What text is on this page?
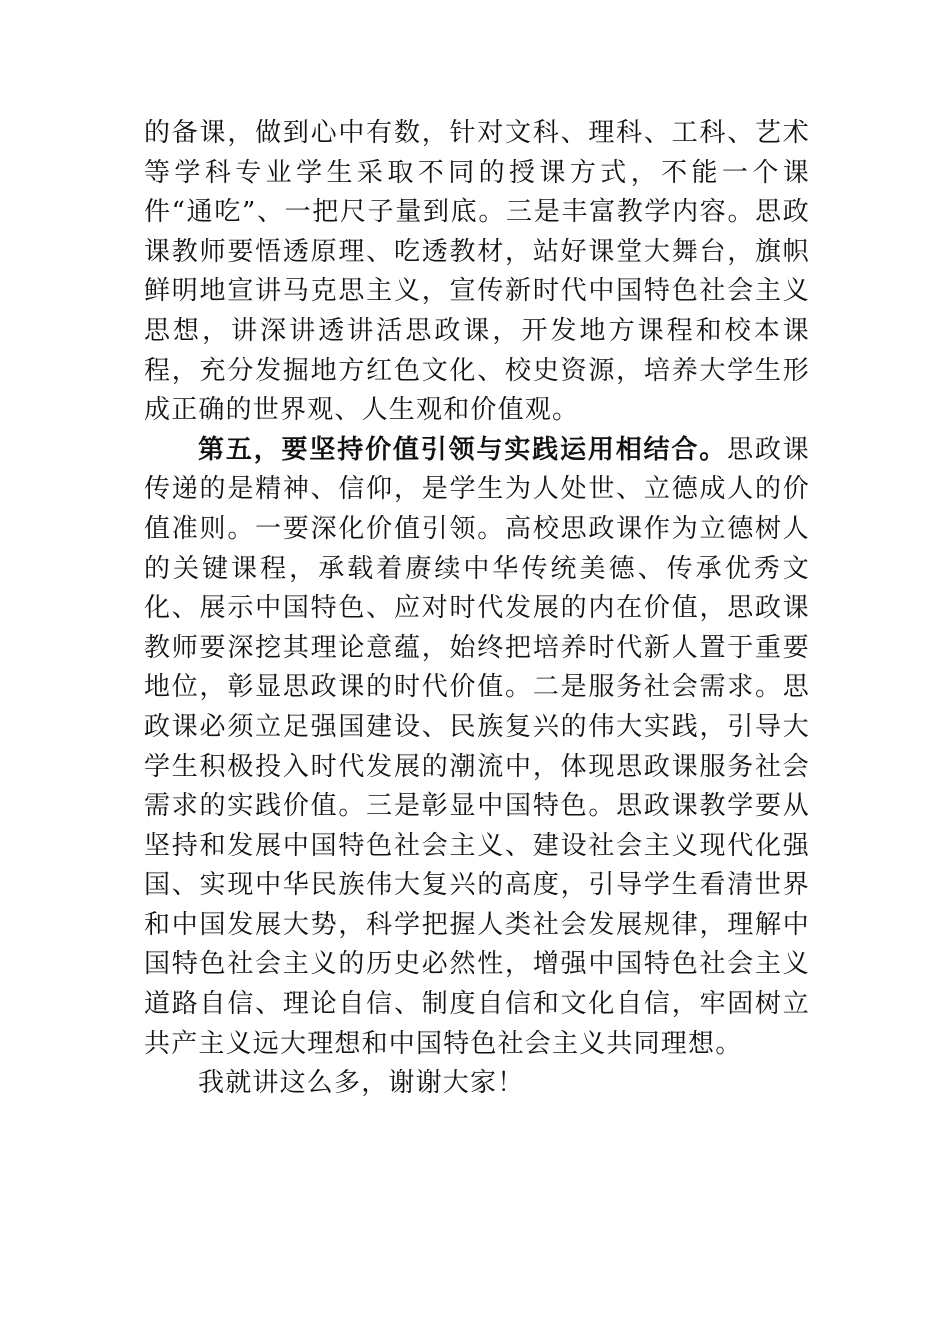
的备课，做到心中有数，针对文科、理科、工科、艺术等学科专业学生采取不同的授课方式，不能一个课件“通吃”、一把尺子量到底。三是丰富教学内容。思政课教师要悟透原理、吃透教材，站好课堂大舞台，旗帜鲜明地宣讲马克思主义，宣传新时代中国特色社会主义思想，讲深讲透讲活思政课，开发地方课程和校本课程，充分发掘地方红色文化、校史资源，培养大学生形成正确的世界观、人生观和价值观。

第五，要坚持价值引领与实践运用相结合。思政课传递的是精神、信仰，是学生为人处世、立德成人的价值准则。一要深化价值引领。高校思政课作为立德树人的关键课程，承载着赓续中华传统美德、传承优秀文化、展示中国特色、应对时代发展的内在价值，思政课教师要深挖其理论意蕴，始终把培养时代新人置于重要地位，彰显思政课的时代价值。二是服务社会需求。思政课必须立足强国建设、民族复兴的伟大实践，引导大学生积极投入时代发展的潮流中，体现思政课服务社会需求的实践价值。三是彰显中国特色。思政课教学要从坚持和发展中国特色社会主义、建设社会主义现代化强国、实现中华民族伟大复兴的高度，引导学生看清世界和中国发展大势，科学把握人类社会发展规律，理解中国特色社会主义的历史必然性，增强中国特色社会主义道路自信、理论自信、制度自信和文化自信，牢固树立共产主义远大理想和中国特色社会主义共同理想。

我就讲这么多，谢谢大家！
